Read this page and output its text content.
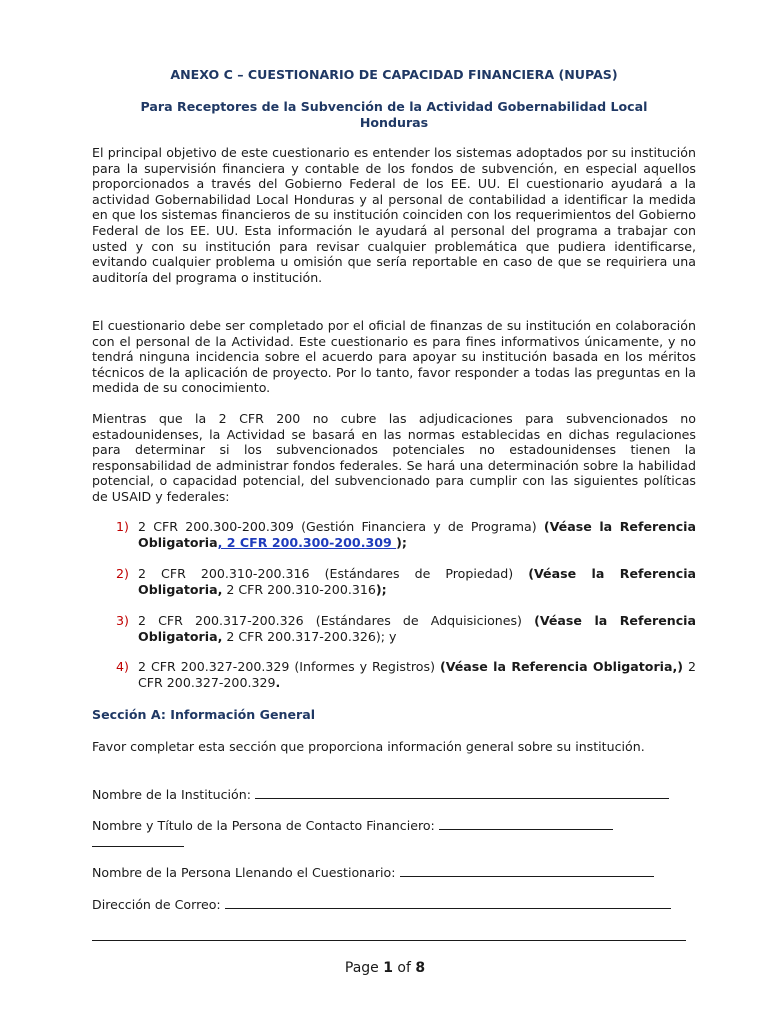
ANEXO C – CUESTIONARIO DE CAPACIDAD FINANCIERA (NUPAS)
Para Receptores de la Subvención de la Actividad Gobernabilidad Local
Honduras

El principal objetivo de este cuestionario es entender los sistemas adoptados por su institución para la supervisión financiera y contable de los fondos de subvención, en especial aquellos proporcionados a través del Gobierno Federal de los EE. UU. El cuestionario ayudará a la actividad Gobernabilidad Local Honduras y al personal de contabilidad a identificar la medida en que los sistemas financieros de su institución coinciden con los requerimientos del Gobierno Federal de los EE. UU. Esta información le ayudará al personal del programa a trabajar con usted y con su institución para revisar cualquier problemática que pudiera identificarse, evitando cualquier problema u omisión que sería reportable en caso de que se requiriera una auditoría del programa o institución.

El cuestionario debe ser completado por el oficial de finanzas de su institución en colaboración con el personal de la Actividad. Este cuestionario es para fines informativos únicamente, y no tendrá ninguna incidencia sobre el acuerdo para apoyar su institución basada en los méritos técnicos de la aplicación de proyecto. Por lo tanto, favor responder a todas las preguntas en la medida de su conocimiento.

Mientras que la 2 CFR 200 no cubre las adjudicaciones para subvencionados no estadounidenses, la Actividad se basará en las normas establecidas en dichas regulaciones para determinar si los subvencionados potenciales no estadounidenses tienen la responsabilidad de administrar fondos federales. Se hará una determinación sobre la habilidad potencial, o capacidad potencial, del subvencionado para cumplir con las siguientes políticas de USAID y federales:

1) 2 CFR 200.300-200.309 (Gestión Financiera y de Programa) (Véase la Referencia Obligatoria, 2 CFR 200.300-200.309 );
2) 2 CFR 200.310-200.316 (Estándares de Propiedad) (Véase la Referencia Obligatoria, 2 CFR 200.310-200.316);
3) 2 CFR 200.317-200.326 (Estándares de Adquisiciones) (Véase la Referencia Obligatoria, 2 CFR 200.317-200.326); y
4) 2 CFR 200.327-200.329 (Informes y Registros) (Véase la Referencia Obligatoria,) 2 CFR 200.327-200.329.
Sección A: Información General

Favor completar esta sección que proporciona información general sobre su institución.

Nombre de la Institución:
Nombre y Título de la Persona de Contacto Financiero:
Nombre de la Persona Llenando el Cuestionario:
Dirección de Correo:
Page 1 of 8
